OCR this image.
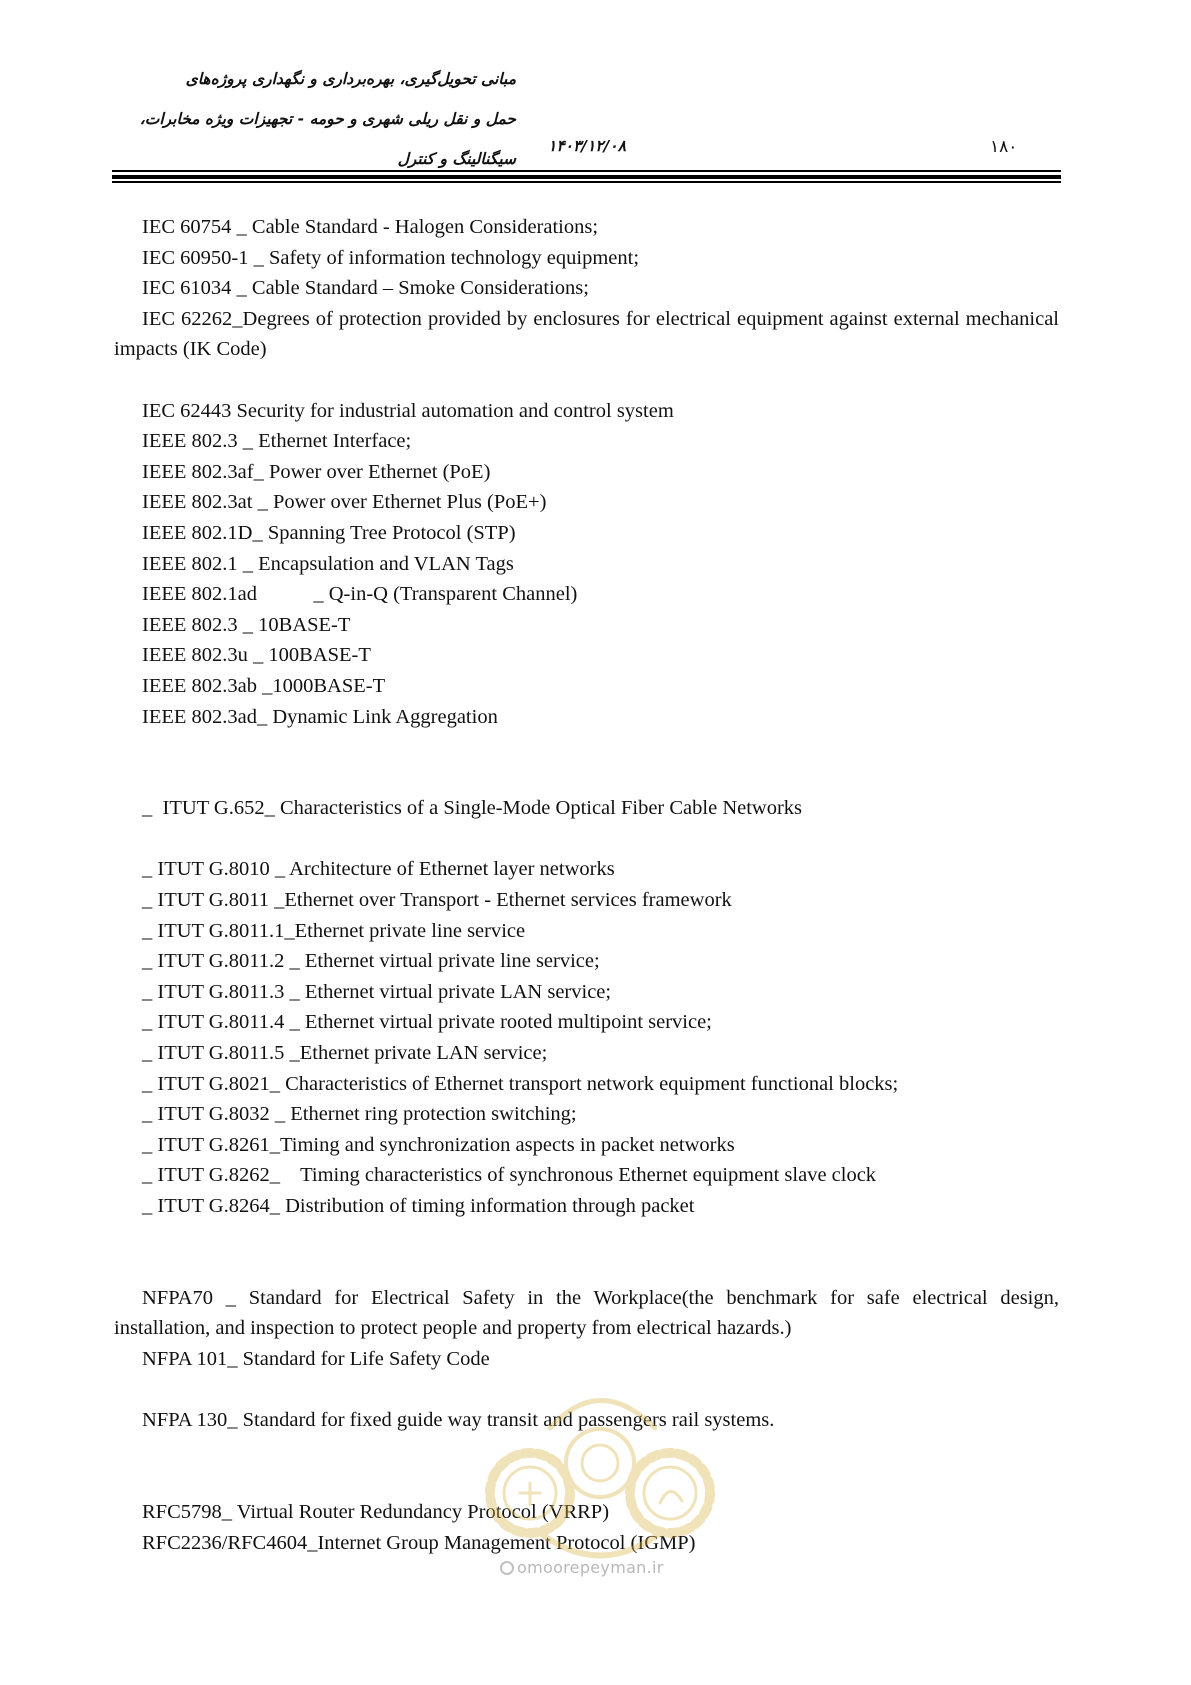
مبانی تحویل‌گیری، بهره‌برداری و نگهداری پروژه‌های
حمل و نقل ریلی شهری و حومه - تجهیزات ویژه مخابرات،
سیگنالینگ و کنترل
۱۴۰۳/۱۲/۰۸	۱۸۰
IEC 60754 _ Cable Standard - Halogen Considerations;
IEC 60950-1 _ Safety of information technology equipment;
IEC 61034 _ Cable Standard – Smoke Considerations;
IEC 62262_Degrees of protection provided by enclosures for electrical equipment against external mechanical impacts (IK Code)
IEC 62443 Security for industrial automation and control system
IEEE 802.3 _ Ethernet Interface;
IEEE 802.3af_ Power over Ethernet (PoE)
IEEE 802.3at _ Power over Ethernet Plus (PoE+)
IEEE 802.1D_ Spanning Tree Protocol (STP)
IEEE 802.1 _ Encapsulation and VLAN Tags
IEEE 802.1ad           _ Q-in-Q (Transparent Channel)
IEEE 802.3 _ 10BASE-T
IEEE 802.3u _ 100BASE-T
IEEE 802.3ab _1000BASE-T
IEEE 802.3ad_ Dynamic Link Aggregation
_  ITUT G.652_ Characteristics of a Single-Mode Optical Fiber Cable Networks
_ ITUT G.8010 _ Architecture of Ethernet layer networks
_ ITUT G.8011 _Ethernet over Transport - Ethernet services framework
_ ITUT G.8011.1_Ethernet private line service
_ ITUT G.8011.2 _ Ethernet virtual private line service;
_ ITUT G.8011.3 _ Ethernet virtual private LAN service;
_ ITUT G.8011.4 _ Ethernet virtual private rooted multipoint service;
_ ITUT G.8011.5 _Ethernet private LAN service;
_ ITUT G.8021_ Characteristics of Ethernet transport network equipment functional blocks;
_ ITUT G.8032 _ Ethernet ring protection switching;
_ ITUT G.8261_Timing and synchronization aspects in packet networks
_ ITUT G.8262_    Timing characteristics of synchronous Ethernet equipment slave clock
_ ITUT G.8264_ Distribution of timing information through packet
NFPA70 _ Standard for Electrical Safety in the Workplace(the benchmark for safe electrical design, installation, and inspection to protect people and property from electrical hazards.)
NFPA 101_ Standard for Life Safety Code
NFPA 130_ Standard for fixed guide way transit and passengers rail systems.
RFC5798_ Virtual Router Redundancy Protocol (VRRP)
RFC2236/RFC4604_Internet Group Management Protocol (IGMP)
omoorepeyman.ir
